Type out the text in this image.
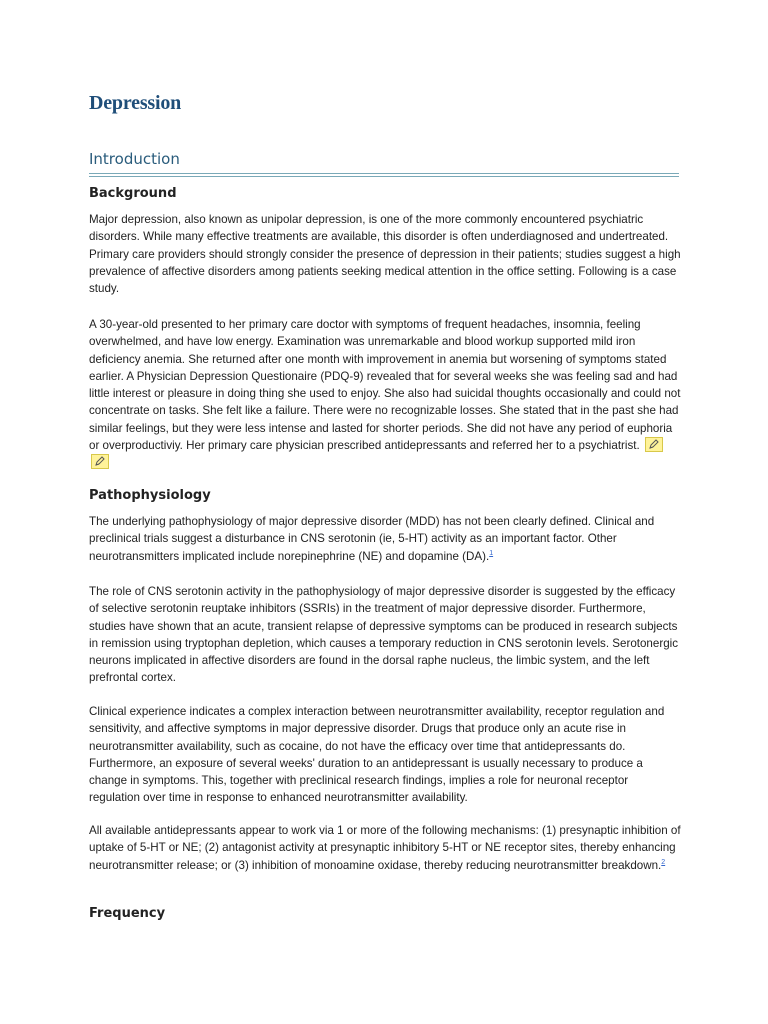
Depression
Introduction
Background

Major depression, also known as unipolar depression, is one of the more commonly encountered psychiatric disorders. While many effective treatments are available, this disorder is often underdiagnosed and undertreated. Primary care providers should strongly consider the presence of depression in their patients; studies suggest a high prevalence of affective disorders among patients seeking medical attention in the office setting. Following is a case study.

A 30-year-old presented to her primary care doctor with symptoms of frequent headaches, insomnia, feeling overwhelmed, and have low energy. Examination was unremarkable and blood workup supported mild iron deficiency anemia. She returned after one month with improvement in anemia but worsening of symptoms stated earlier. A Physician Depression Questionaire (PDQ-9) revealed that for several weeks she was feeling sad and had little interest or pleasure in doing thing she used to enjoy. She also had suicidal thoughts occasionally and could not concentrate on tasks. She felt like a failure. There were no recognizable losses. She stated that in the past she had similar feelings, but they were less intense and lasted for shorter periods. She did not have any period of euphoria or overproductiviy. Her primary care physician prescribed antidepressants and referred her to a psychiatrist.

Pathophysiology

The underlying pathophysiology of major depressive disorder (MDD) has not been clearly defined. Clinical and preclinical trials suggest a disturbance in CNS serotonin (ie, 5-HT) activity as an important factor. Other neurotransmitters implicated include norepinephrine (NE) and dopamine (DA).$^1$

The role of CNS serotonin activity in the pathophysiology of major depressive disorder is suggested by the efficacy of selective serotonin reuptake inhibitors (SSRIs) in the treatment of major depressive disorder. Furthermore, studies have shown that an acute, transient relapse of depressive symptoms can be produced in research subjects in remission using tryptophan depletion, which causes a temporary reduction in CNS serotonin levels. Serotonergic neurons implicated in affective disorders are found in the dorsal raphe nucleus, the limbic system, and the left prefrontal cortex.

Clinical experience indicates a complex interaction between neurotransmitter availability, receptor regulation and sensitivity, and affective symptoms in major depressive disorder. Drugs that produce only an acute rise in neurotransmitter availability, such as cocaine, do not have the efficacy over time that antidepressants do. Furthermore, an exposure of several weeks' duration to an antidepressant is usually necessary to produce a change in symptoms. This, together with preclinical research findings, implies a role for neuronal receptor regulation over time in response to enhanced neurotransmitter availability.

All available antidepressants appear to work via 1 or more of the following mechanisms: (1) presynaptic inhibition of uptake of 5-HT or NE; (2) antagonist activity at presynaptic inhibitory 5-HT or NE receptor sites, thereby enhancing neurotransmitter release; or (3) inhibition of monoamine oxidase, thereby reducing neurotransmitter breakdown.$^2$

Frequency
